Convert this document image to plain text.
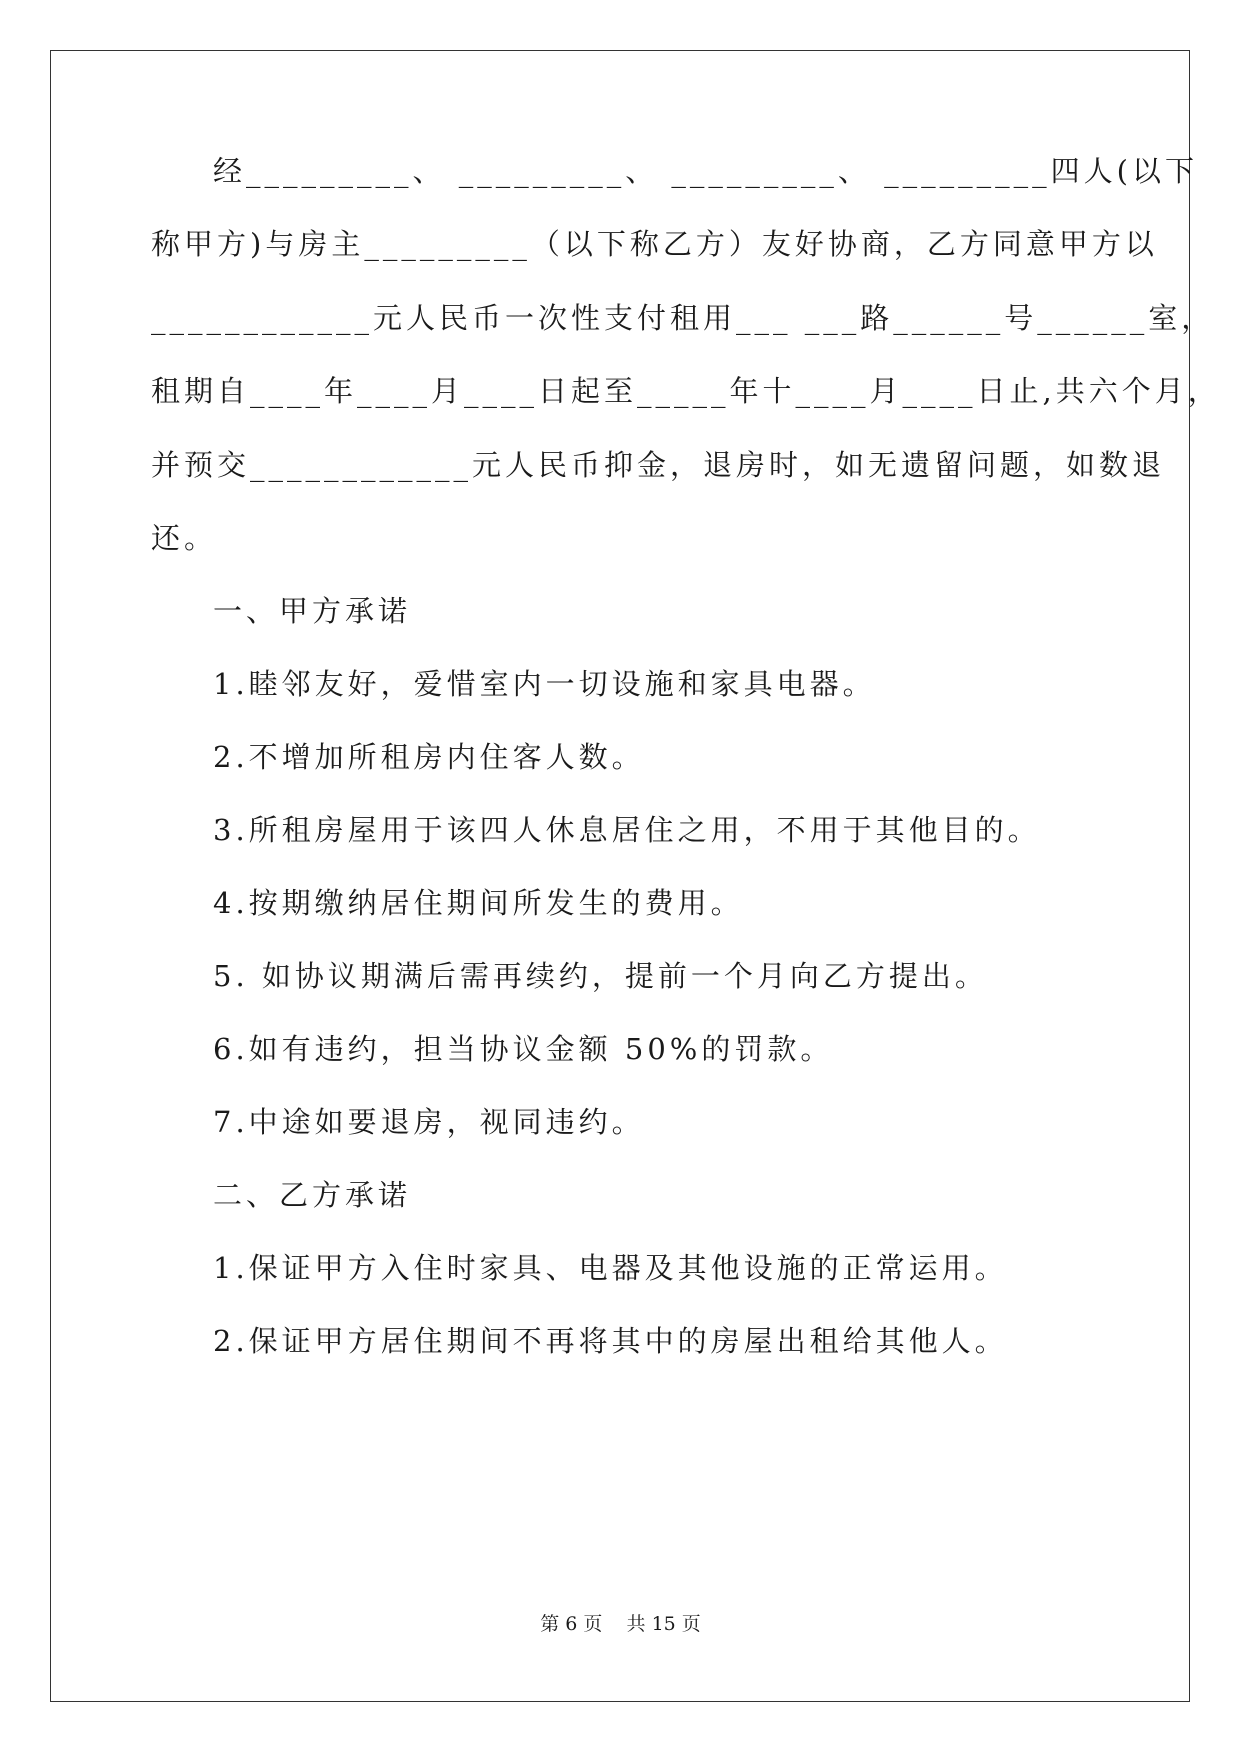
经_________、 _________、 _________、 _________四人(以下
称甲方)与房主_________（以下称乙方）友好协商，乙方同意甲方以
____________元人民币一次性支付租用___ ___路______号______室，
租期自____年____月____日起至_____年十____月____日止,共六个月，
并预交____________元人民币抑金，退房时，如无遗留问题，如数退
还。
一、甲方承诺
1.睦邻友好，爱惜室内一切设施和家具电器。
2.不增加所租房内住客人数。
3.所租房屋用于该四人休息居住之用，不用于其他目的。
4.按期缴纳居住期间所发生的费用。
5. 如协议期满后需再续约，提前一个月向乙方提出。
6.如有违约，担当协议金额 50%的罚款。
7.中途如要退房，视同违约。
二、乙方承诺
1.保证甲方入住时家具、电器及其他设施的正常运用。
2.保证甲方居住期间不再将其中的房屋出租给其他人。
第 6 页    共 15 页
